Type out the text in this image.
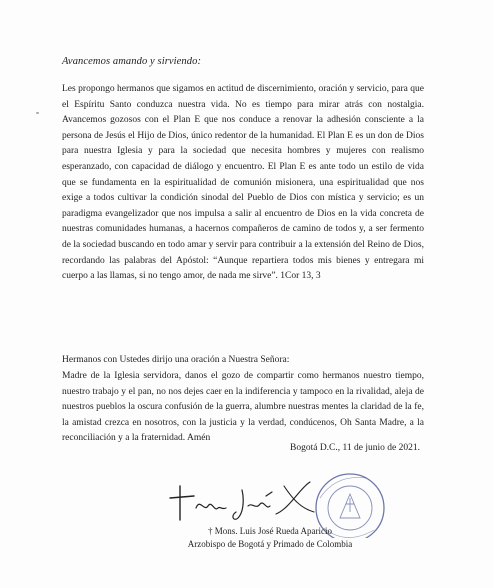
Avancemos amando y sirviendo:

Les propongo hermanos que sigamos en actitud de discernimiento, oración y servicio, para que el Espíritu Santo conduzca nuestra vida. No es tiempo para mirar atrás con nostalgia. Avancemos gozosos con el Plan E que nos conduce a renovar la adhesión consciente a la persona de Jesús el Hijo de Dios, único redentor de la humanidad. El Plan E es un don de Dios para nuestra Iglesia y para la sociedad que necesita hombres y mujeres con realismo esperanzado, con capacidad de diálogo y encuentro. El Plan E es ante todo un estilo de vida que se fundamenta en la espiritualidad de comunión misionera, una espiritualidad que nos exige a todos cultivar la condición sinodal del Pueblo de Dios con mística y servicio; es un paradigma evangelizador que nos impulsa a salir al encuentro de Dios en la vida concreta de nuestras comunidades humanas, a hacernos compañeros de camino de todos y, a ser fermento de la sociedad buscando en todo amar y servir para contribuir a la extensión del Reino de Dios, recordando las palabras del Apóstol: “Aunque repartiera todos mis bienes y entregara mi cuerpo a las llamas, si no tengo amor, de nada me sirve”. 1Cor 13, 3

Hermanos con Ustedes dirijo una oración a Nuestra Señora:

Madre de la Iglesia servidora, danos el gozo de compartir como hermanos nuestro tiempo, nuestro trabajo y el pan, no nos dejes caer en la indiferencia y tampoco en la rivalidad, aleja de nuestros pueblos la oscura confusión de la guerra, alumbre nuestras mentes la claridad de la fe, la amistad crezca en nosotros, con la justicia y la verdad, condúcenos, Oh Santa Madre, a la reconciliación y a la fraternidad. Amén

Bogotá D.C., 11 de junio de 2021.
† Mons. Luis José Rueda Aparicio
Arzobispo de Bogotá y Primado de Colombia
